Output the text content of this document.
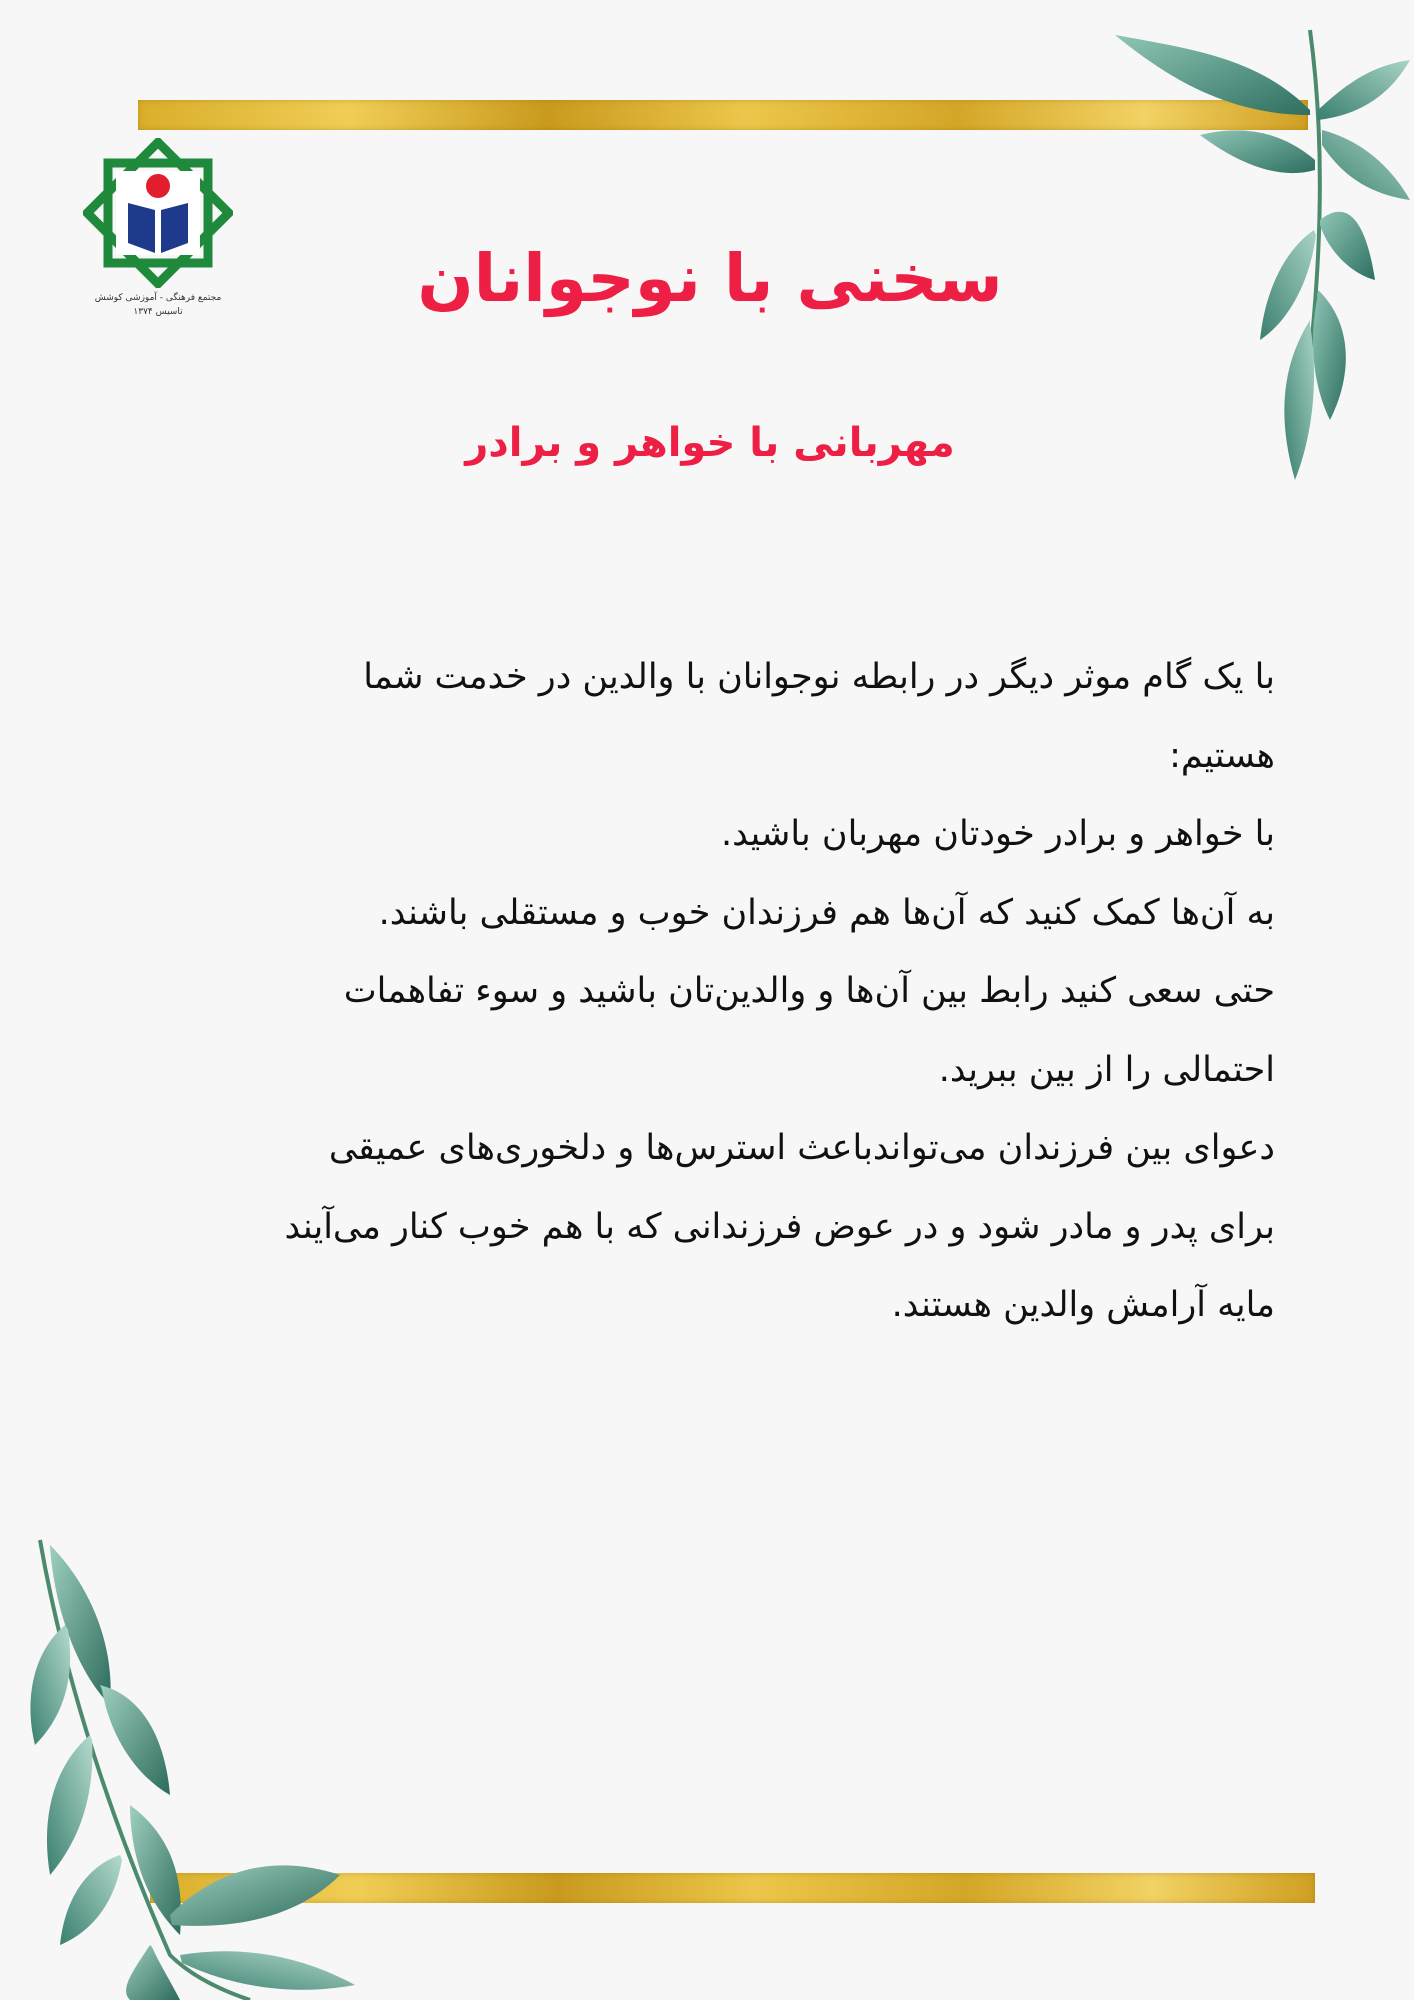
مجتمع فرهنگی - آموزشی کوشش
تاسیس ۱۳۷۴	سخنی با نوجوانان
مهربانی با خواهر و برادر
با یک گام موثر دیگر در رابطه نوجوانان با والدین در خدمت شما
هستیم:
با خواهر و برادر خودتان مهربان باشید.
به آن‌ها کمک کنید که آن‌ها هم فرزندان خوب و مستقلی باشند.
حتی سعی کنید رابط بین آن‌ها و والدین‌تان باشید و سوء تفاهمات
احتمالی را از بین ببرید.
دعوای بین فرزندان می‌تواندباعث استرس‌ها و دلخوری‌های عمیقی
برای پدر و مادر شود و در عوض فرزندانی که با هم خوب کنار می‌آیند
مایه آرامش والدین هستند.
